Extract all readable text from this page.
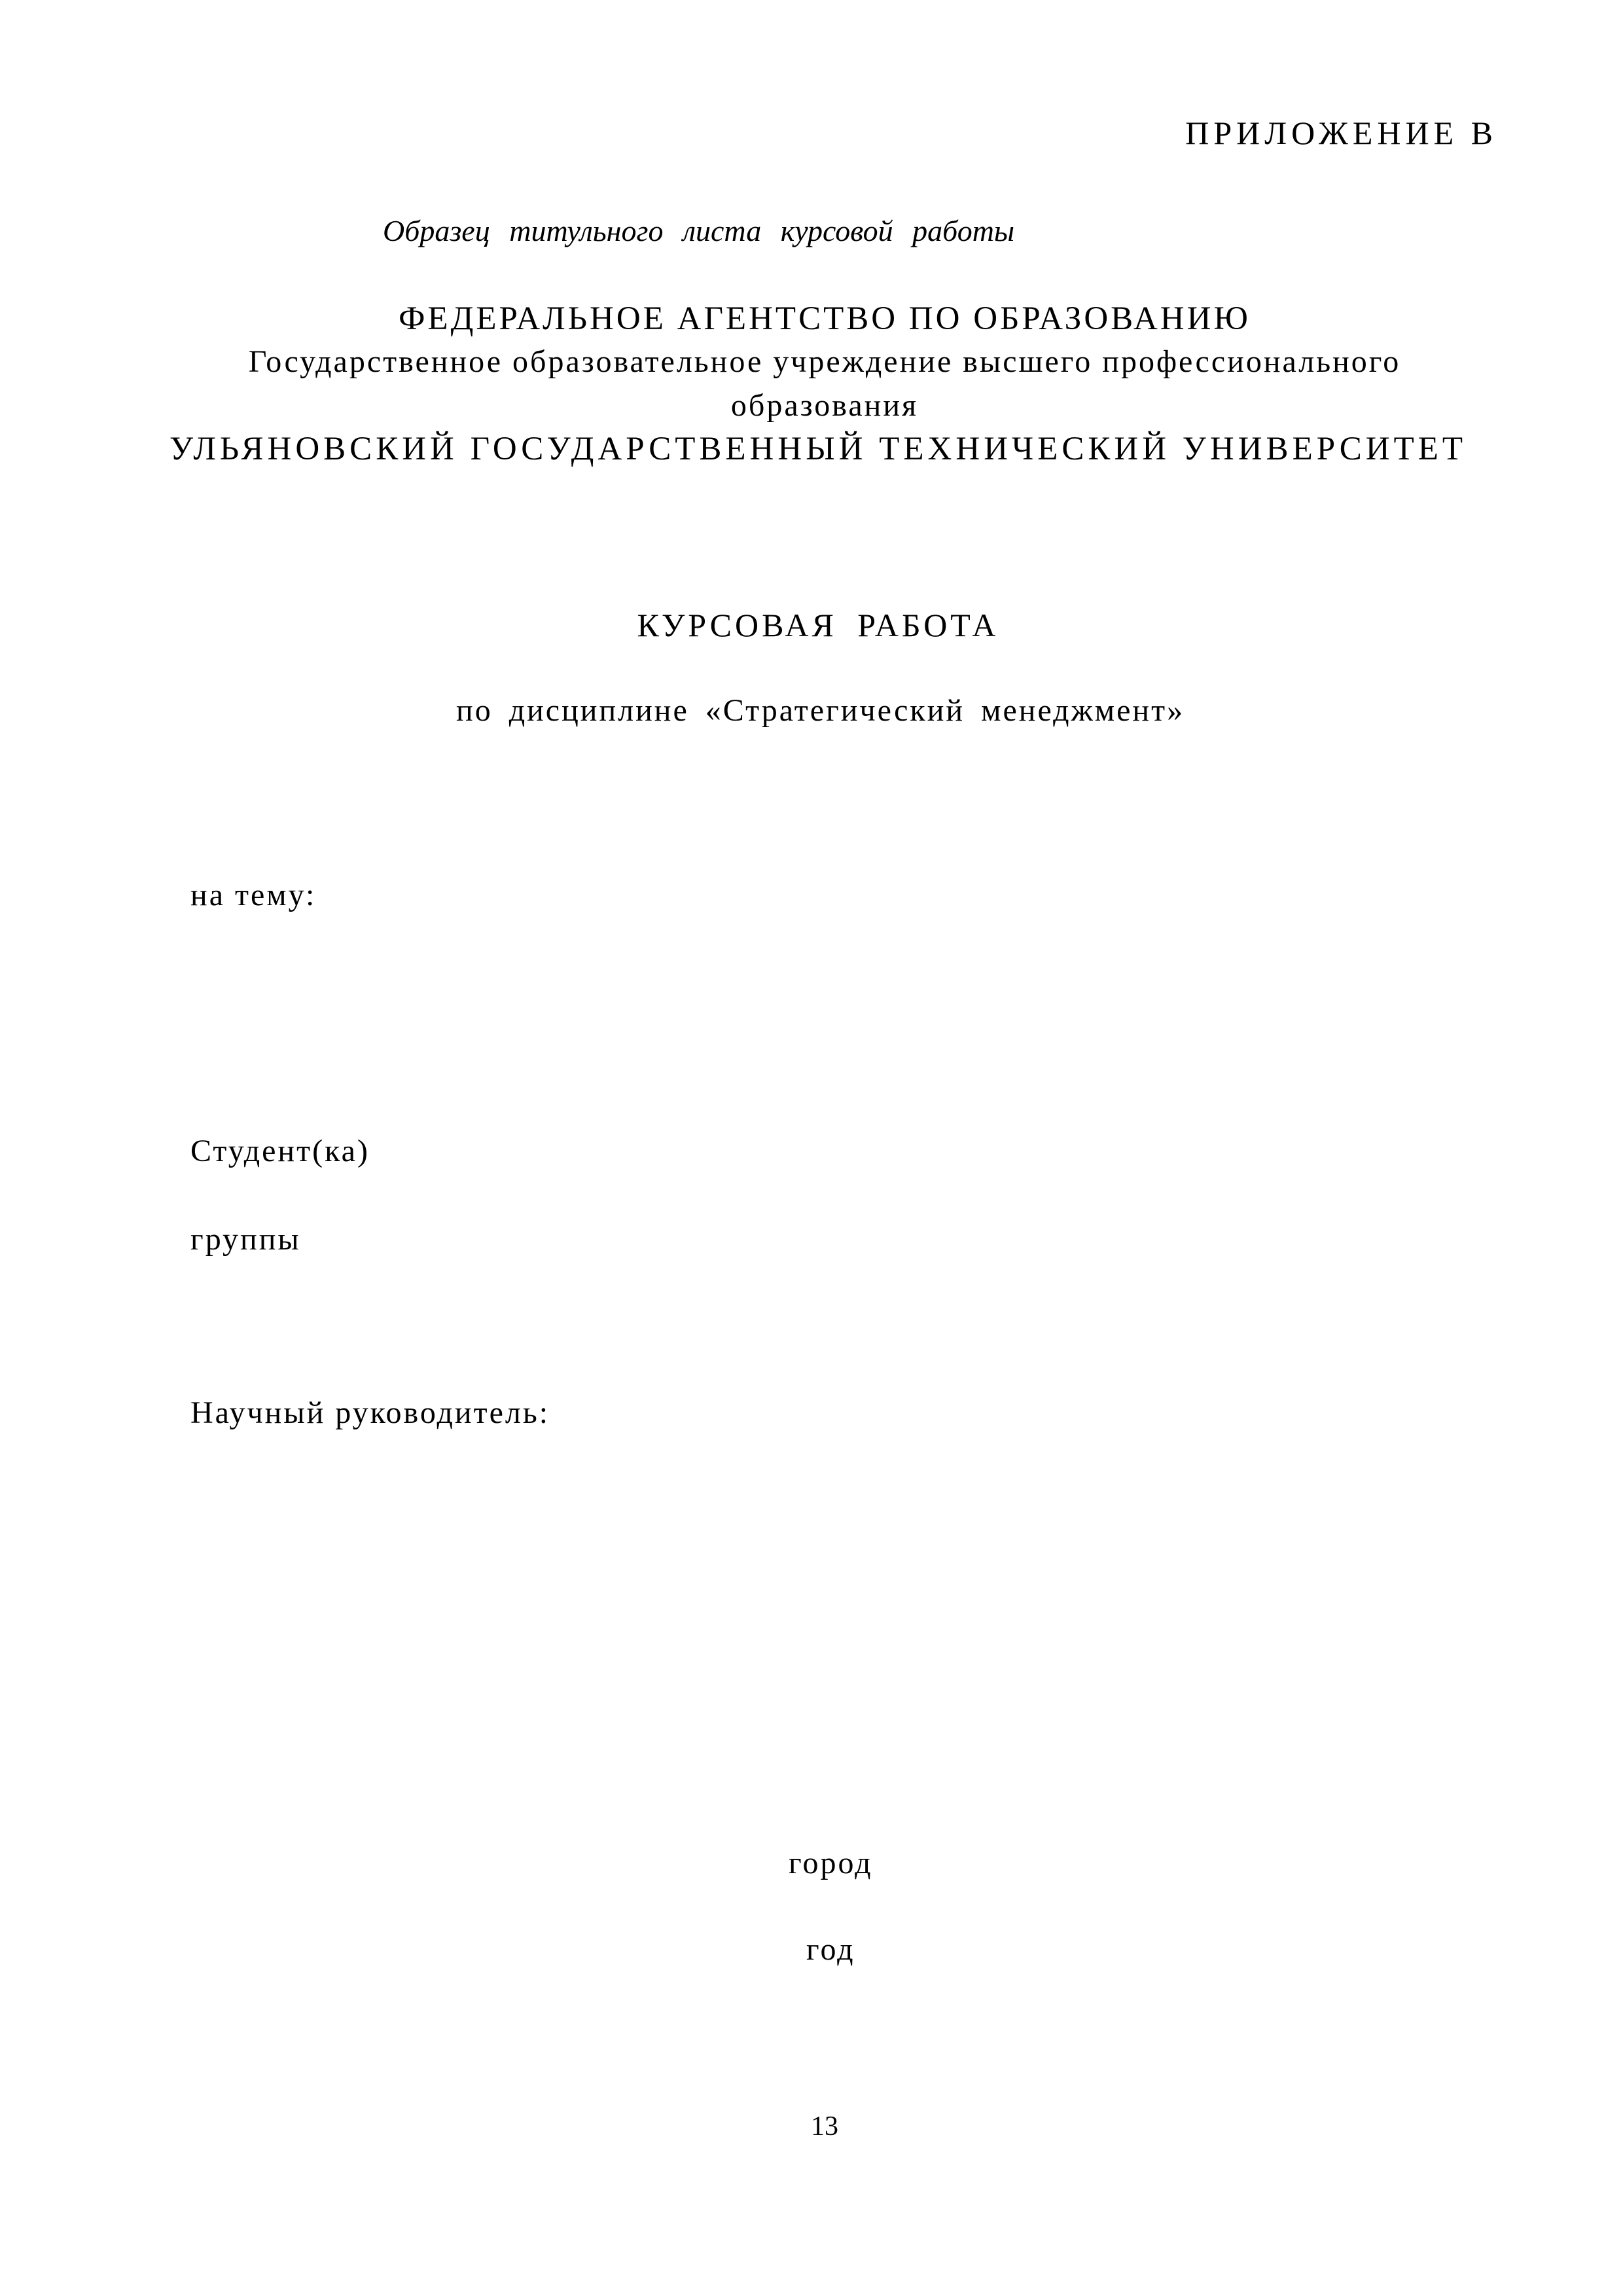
ПРИЛОЖЕНИЕ В

Образец титульного листа курсовой работы

ФЕДЕРАЛЬНОЕ АГЕНТСТВО ПО ОБРАЗОВАНИЮ

Государственное образовательное учреждение высшего профессионального

образования

УЛЬЯНОВСКИЙ ГОСУДАРСТВЕННЫЙ ТЕХНИЧЕСКИЙ УНИВЕРСИТЕТ

КУРСОВАЯ РАБОТА

по дисциплине «Стратегический менеджмент»

на тему:

Студент(ка)

группы

Научный руководитель:

город

год

13
